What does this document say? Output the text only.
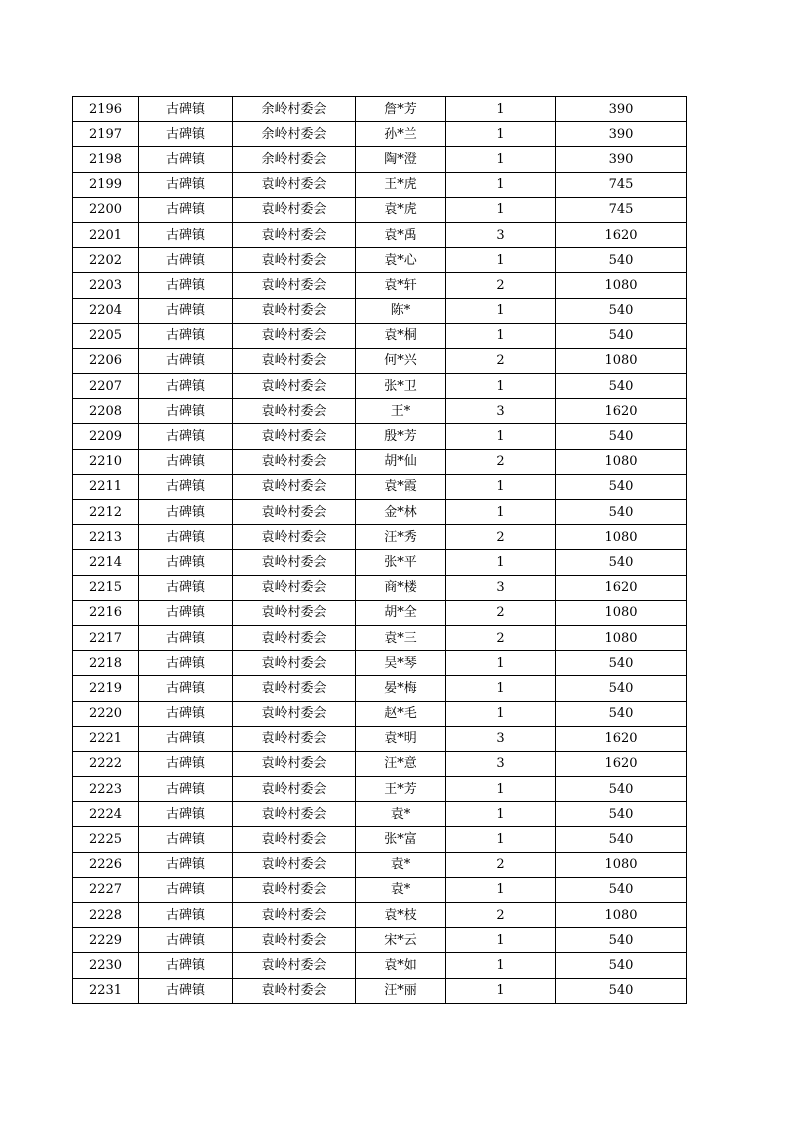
2196	古碑镇	余岭村委会	詹*芳	1	390
2197	古碑镇	余岭村委会	孙*兰	1	390
2198	古碑镇	余岭村委会	陶*澄	1	390
2199	古碑镇	袁岭村委会	王*虎	1	745
2200	古碑镇	袁岭村委会	袁*虎	1	745
2201	古碑镇	袁岭村委会	袁*禹	3	1620
2202	古碑镇	袁岭村委会	袁*心	1	540
2203	古碑镇	袁岭村委会	袁*轩	2	1080
2204	古碑镇	袁岭村委会	陈*	1	540
2205	古碑镇	袁岭村委会	袁*桐	1	540
2206	古碑镇	袁岭村委会	何*兴	2	1080
2207	古碑镇	袁岭村委会	张*卫	1	540
2208	古碑镇	袁岭村委会	王*	3	1620
2209	古碑镇	袁岭村委会	殷*芳	1	540
2210	古碑镇	袁岭村委会	胡*仙	2	1080
2211	古碑镇	袁岭村委会	袁*霞	1	540
2212	古碑镇	袁岭村委会	金*林	1	540
2213	古碑镇	袁岭村委会	汪*秀	2	1080
2214	古碑镇	袁岭村委会	张*平	1	540
2215	古碑镇	袁岭村委会	商*楼	3	1620
2216	古碑镇	袁岭村委会	胡*全	2	1080
2217	古碑镇	袁岭村委会	袁*三	2	1080
2218	古碑镇	袁岭村委会	吴*琴	1	540
2219	古碑镇	袁岭村委会	晏*梅	1	540
2220	古碑镇	袁岭村委会	赵*毛	1	540
2221	古碑镇	袁岭村委会	袁*明	3	1620
2222	古碑镇	袁岭村委会	汪*意	3	1620
2223	古碑镇	袁岭村委会	王*芳	1	540
2224	古碑镇	袁岭村委会	袁*	1	540
2225	古碑镇	袁岭村委会	张*富	1	540
2226	古碑镇	袁岭村委会	袁*	2	1080
2227	古碑镇	袁岭村委会	袁*	1	540
2228	古碑镇	袁岭村委会	袁*枝	2	1080
2229	古碑镇	袁岭村委会	宋*云	1	540
2230	古碑镇	袁岭村委会	袁*如	1	540
2231	古碑镇	袁岭村委会	汪*丽	1	540
